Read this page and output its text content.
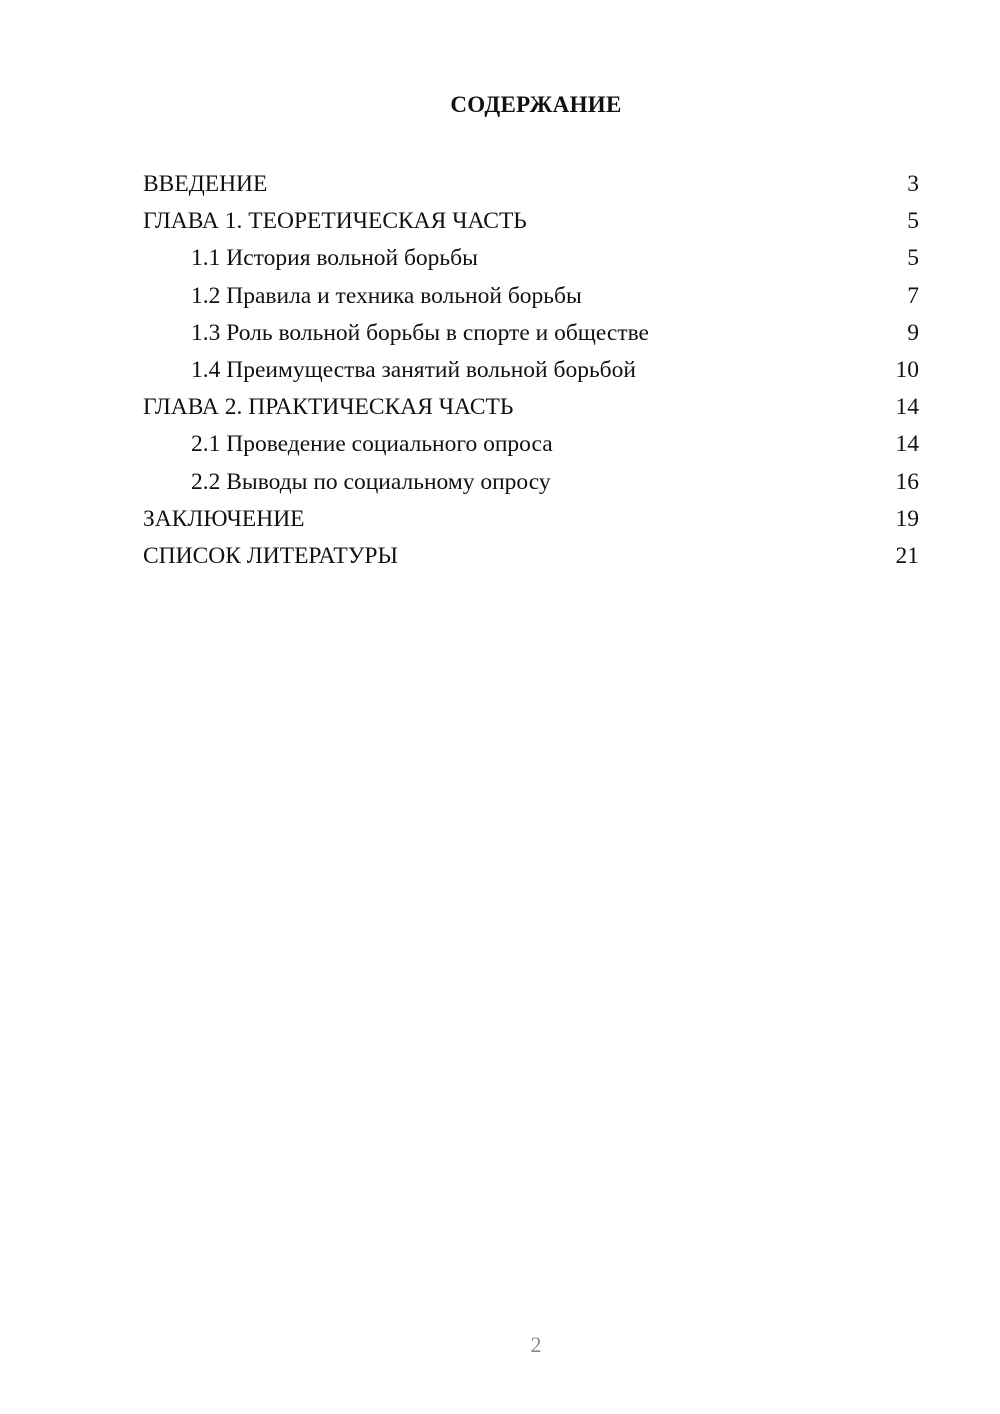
СОДЕРЖАНИЕ
ВВЕДЕНИЕ	3
ГЛАВА 1. ТЕОРЕТИЧЕСКАЯ ЧАСТЬ	5
1.1 История вольной борьбы	5
1.2 Правила и техника вольной борьбы	7
1.3 Роль вольной борьбы в спорте и обществе	9
1.4 Преимущества занятий вольной борьбой	10
ГЛАВА 2. ПРАКТИЧЕСКАЯ ЧАСТЬ	14
2.1 Проведение социального опроса	14
2.2 Выводы по социальному опросу	16
ЗАКЛЮЧЕНИЕ	19
СПИСОК ЛИТЕРАТУРЫ	21
2
